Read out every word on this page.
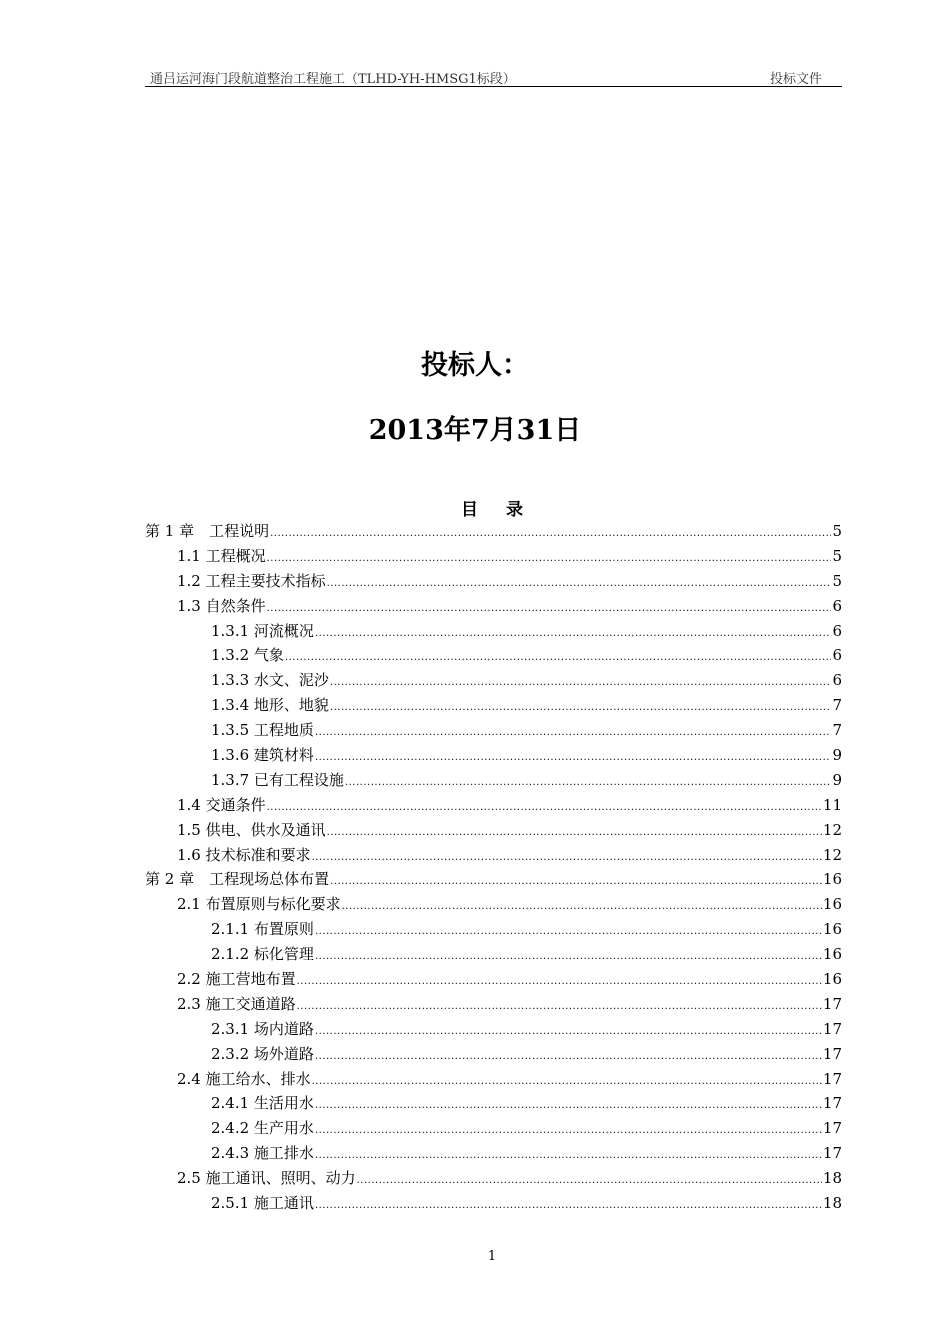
通吕运河海门段航道整治工程施工（TLHD-YH-HMSG1标段）	投标文件
投标人：
2013年7月31日
目 录
第 1 章　工程说明 .....	5
1.1 工程概况 .....	5
1.2 工程主要技术指标 .....	5
1.3 自然条件 .....	6
1.3.1 河流概况 .....	6
1.3.2 气象 .....	6
1.3.3 水文、泥沙 .....	6
1.3.4 地形、地貌 .....	7
1.3.5 工程地质 .....	7
1.3.6 建筑材料 .....	9
1.3.7 已有工程设施 .....	9
1.4 交通条件 .....	11
1.5 供电、供水及通讯 .....	12
1.6 技术标准和要求 .....	12
第 2 章　工程现场总体布置 .....	16
2.1 布置原则与标化要求 .....	16
2.1.1 布置原则 .....	16
2.1.2 标化管理 .....	16
2.2 施工营地布置 .....	16
2.3 施工交通道路 .....	17
2.3.1 场内道路 .....	17
2.3.2 场外道路 .....	17
2.4 施工给水、排水 .....	17
2.4.1 生活用水 .....	17
2.4.2 生产用水 .....	17
2.4.3 施工排水 .....	17
2.5 施工通讯、照明、动力 .....	18
2.5.1 施工通讯 .....	18
1
